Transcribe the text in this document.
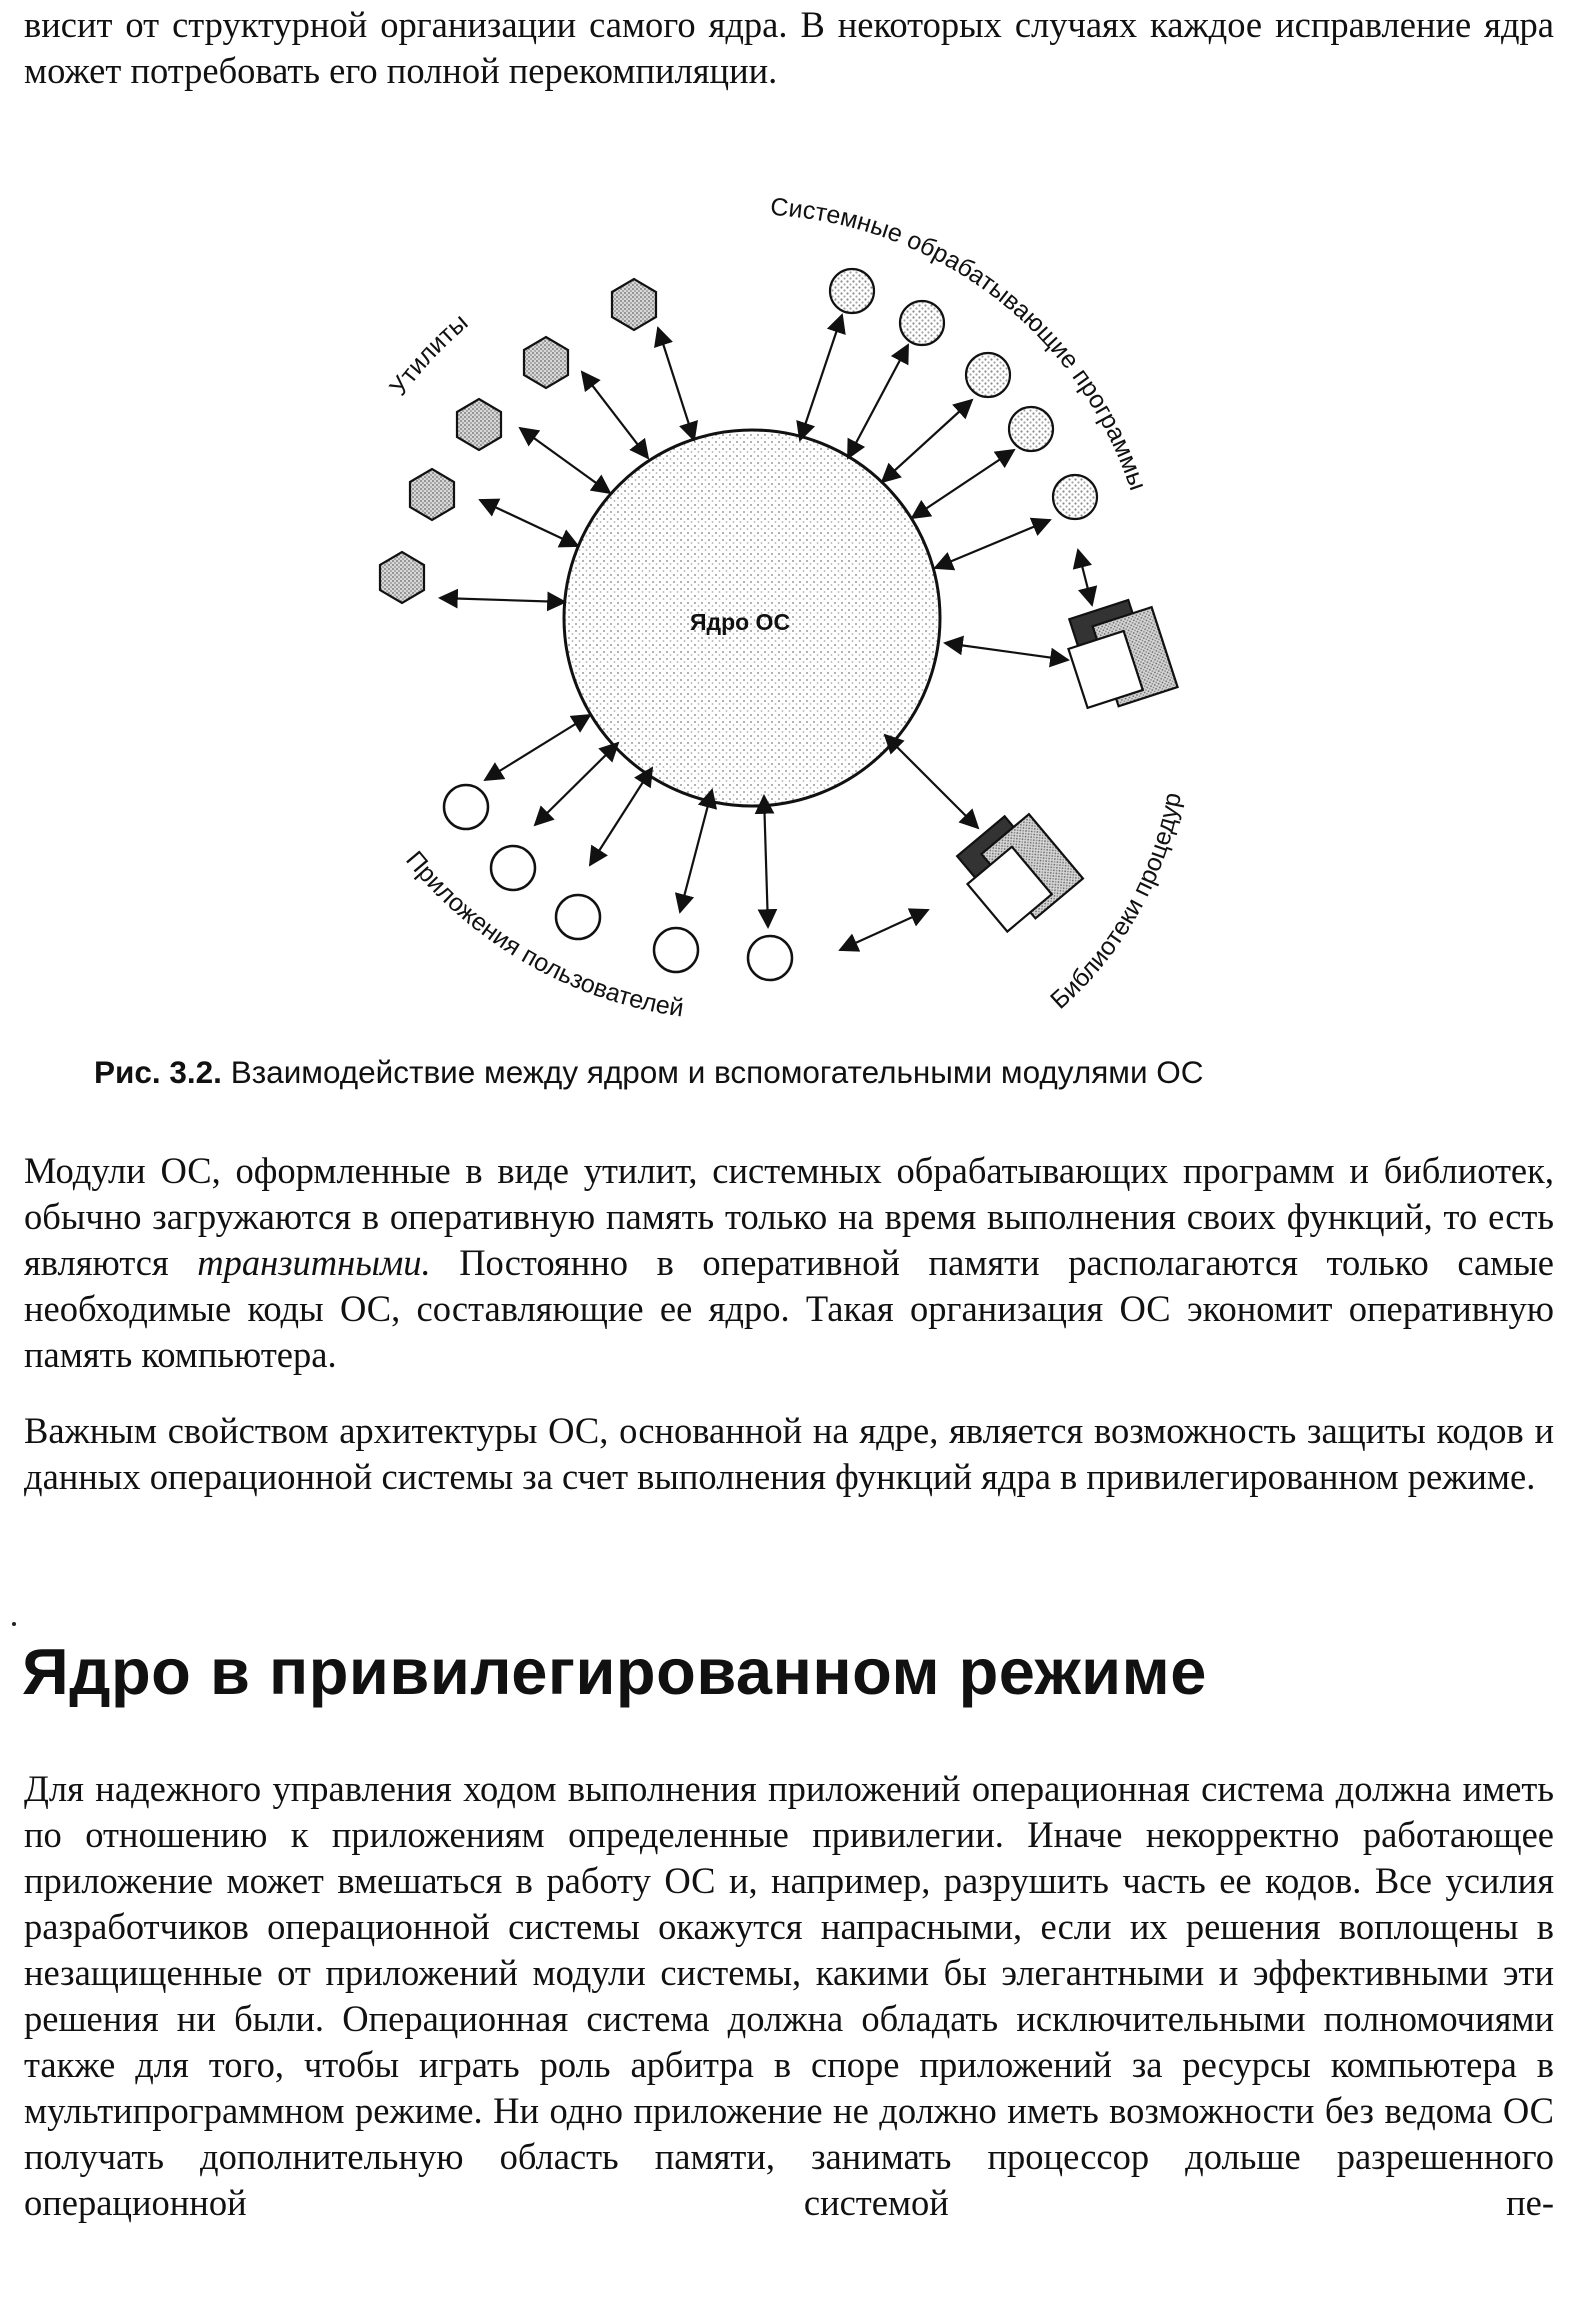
висит от структурной организации самого ядра. В некоторых случаях каждое исправление ядра может потребовать его полной перекомпиляции.

Ядро ОС
Утилиты
Системные обрабатывающие программы
Библиотеки процедур
Приложения пользователей

Рис. 3.2. Взаимодействие между ядром и вспомогательными модулями ОС

Модули ОС, оформленные в виде утилит, системных обрабатывающих программ и библиотек, обычно загружаются в оперативную память только на время выполнения своих функций, то есть являются транзитными. Постоянно в оперативной памяти располагаются только самые необходимые коды ОС, составляющие ее ядро. Такая организация ОС экономит оперативную память компьютера.

Важным свойством архитектуры ОС, основанной на ядре, является возможность защиты кодов и данных операционной системы за счет выполнения функций ядра в привилегированном режиме.

Ядро в привилегированном режиме

Для надежного управления ходом выполнения приложений операционная система должна иметь по отношению к приложениям определенные привилегии. Иначе некорректно работающее приложение может вмешаться в работу ОС и, например, разрушить часть ее кодов. Все усилия разработчиков операционной системы окажутся напрасными, если их решения воплощены в незащищенные от приложений модули системы, какими бы элегантными и эффективными эти решения ни были. Операционная система должна обладать исключительными полномочиями также для того, чтобы играть роль арбитра в споре приложений за ресурсы компьютера в мультипрограммном режиме. Ни одно приложение не должно иметь возможности без ведома ОС получать дополнительную область памяти, занимать процессор дольше разрешенного операционной системой пе-
